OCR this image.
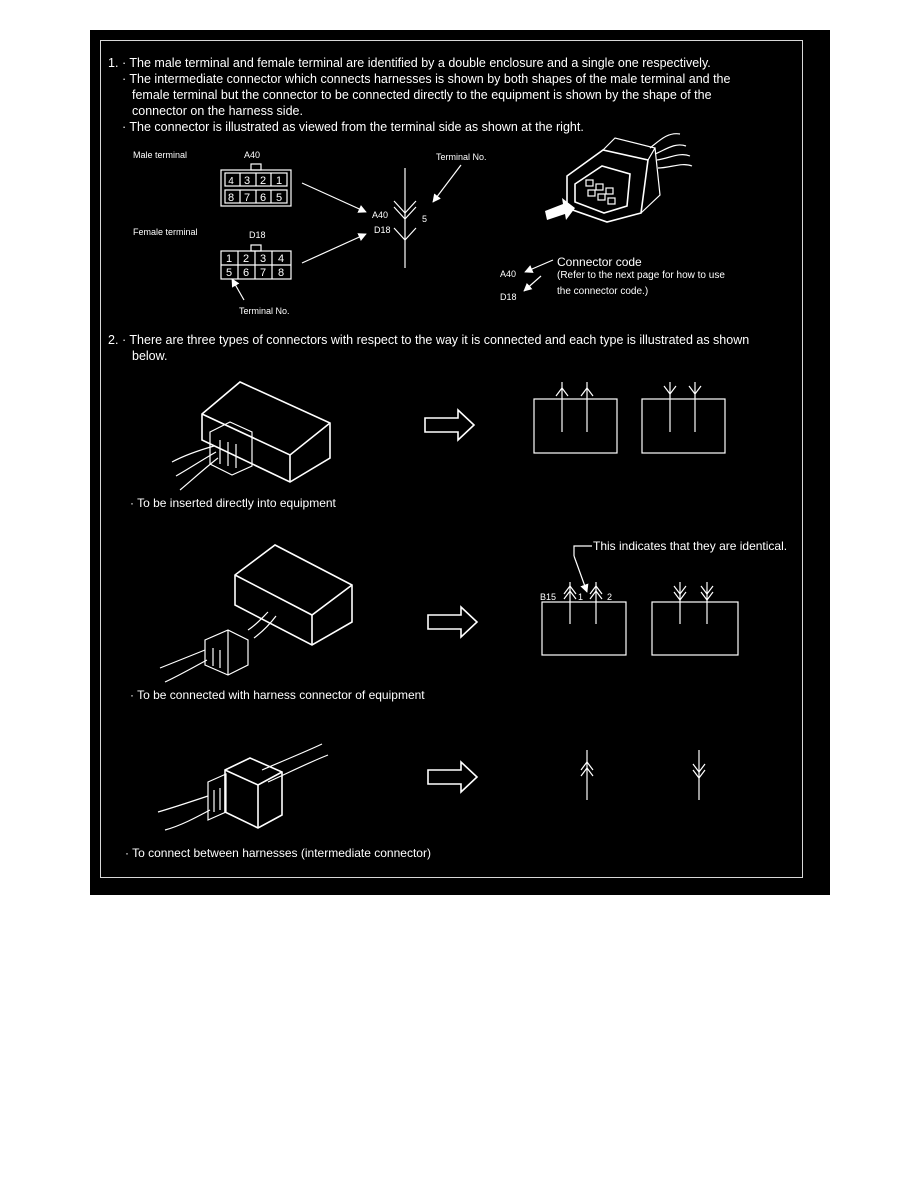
4 3 2 1
8 7 6 5
1 2 3 4
5 6 7 8
1. · The male terminal and female terminal are identified by a double enclosure and a single one respectively.
· The intermediate connector which connects harnesses is shown by both shapes of the male terminal and the
female terminal but the connector to be connected directly to the equipment is shown by the shape of the
connector on the harness side.
· The connector is illustrated as viewed from the terminal side as shown at the right.
Male terminal	A40
Female terminal	D18
Terminal No.
Terminal No.
A40
D18
5
Connector code
(Refer to the next page for how to use
the connector code.)
A40
D18
2. · There are three types of connectors with respect to the way it is connected and each type is illustrated as shown
below.
· To be inserted directly into equipment
This indicates that they are identical.
B15 1	2
· To be connected with harness connector of equipment
· To connect between harnesses (intermediate connector)
